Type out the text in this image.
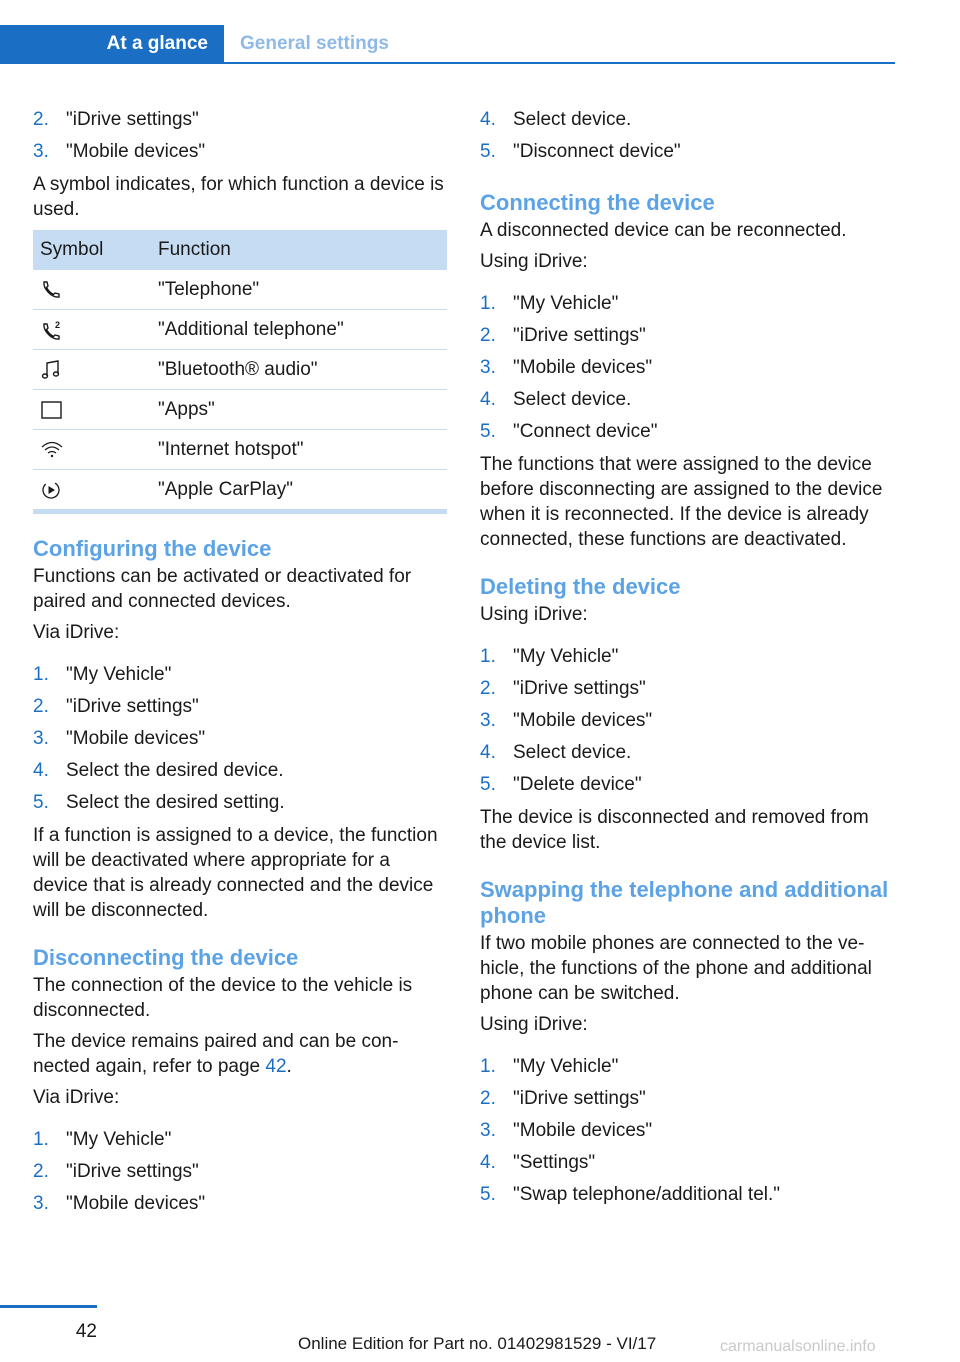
At a glance	General settings
2. "iDrive settings"
3. "Mobile devices"

A symbol indicates, for which function a device is used.

Symbol	Function

	"Telephone"

2	"Additional telephone"

	"Bluetooth® audio"

	"Apps"

	"Internet hotspot"

	"Apple CarPlay"
Configuring the device

Functions can be activated or deactivated for paired and connected devices.

Via iDrive:

1. "My Vehicle"
2. "iDrive settings"
3. "Mobile devices"
4. Select the desired device.
5. Select the desired setting.

If a function is assigned to a device, the function will be deactivated where appropriate for a device that is already connected and the device will be disconnected.

Disconnecting the device

The connection of the device to the vehicle is disconnected.

The device remains paired and can be connected again, refer to page 42.

Via iDrive:

1. "My Vehicle"
2. "iDrive settings"
3. "Mobile devices"
4. Select device.
5. "Disconnect device"
Connecting the device

A disconnected device can be reconnected.

Using iDrive:

1. "My Vehicle"
2. "iDrive settings"
3. "Mobile devices"
4. Select device.
5. "Connect device"

The functions that were assigned to the device before disconnecting are assigned to the device when it is reconnected. If the device is already connected, these functions are deactivated.

Deleting the device

Using iDrive:

1. "My Vehicle"
2. "iDrive settings"
3. "Mobile devices"
4. Select device.
5. "Delete device"

The device is disconnected and removed from the device list.

Swapping the telephone and additional phone

If two mobile phones are connected to the vehicle, the functions of the phone and additional phone can be switched.

Using iDrive:

1. "My Vehicle"
2. "iDrive settings"
3. "Mobile devices"
4. "Settings"
5. "Swap telephone/additional tel."
42
Online Edition for Part no. 01402981529 - VI/17	carmanualsonline.info
